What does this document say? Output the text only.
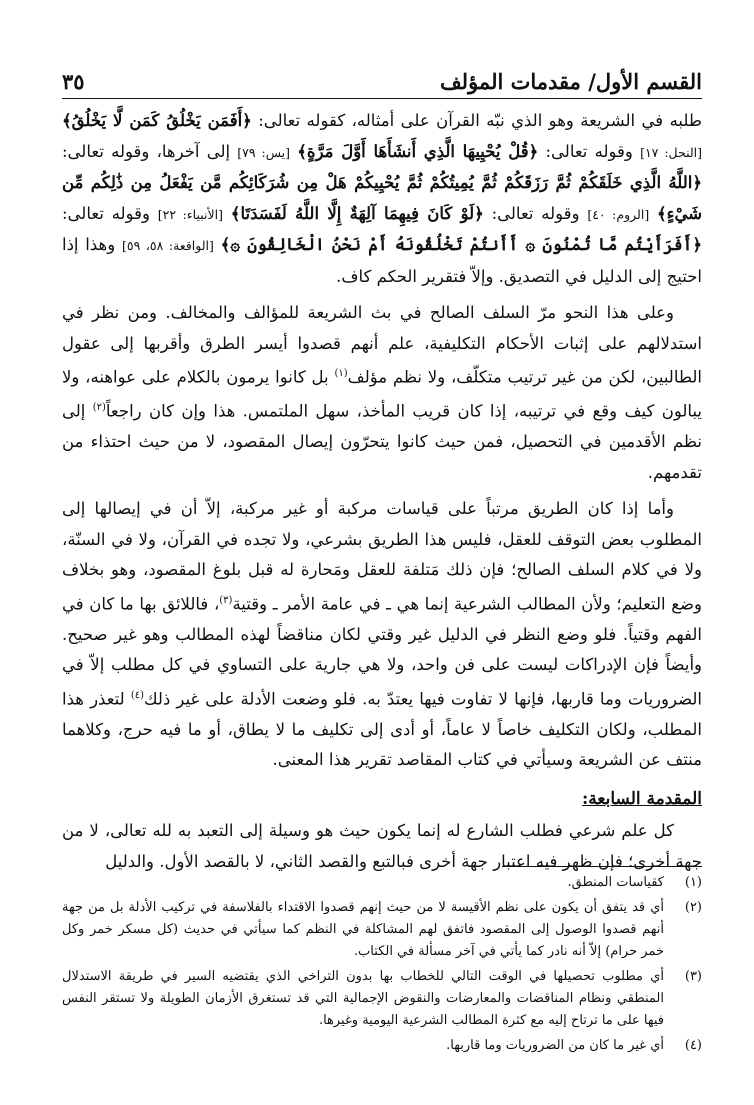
القسم الأول/ مقدمات المؤلف
٣٥

طلبه في الشريعة وهو الذي نبّه القرآن على أمثاله، كقوله تعالى: ﴿أَفَمَن يَخْلُقُ كَمَن لَّا يَخْلُقُ﴾ [النحل: ١٧] وقوله تعالى: ﴿قُلْ يُحْيِيهَا الَّذِي أَنشَأَهَا أَوَّلَ مَرَّةٍ﴾ [يس: ٧٩] إلى آخرها، وقوله تعالى: ﴿اللَّهُ الَّذِي خَلَقَكُمْ ثُمَّ رَزَقَكُمْ ثُمَّ يُمِيتُكُمْ ثُمَّ يُحْيِيكُمْ هَلْ مِن شُرَكَائِكُم مَّن يَفْعَلُ مِن ذَٰلِكُم مِّن شَيْءٍ﴾ [الروم: ٤٠] وقوله تعالى: ﴿لَوْ كَانَ فِيهِمَا آلِهَةٌ إِلَّا اللَّهُ لَفَسَدَتَا﴾ [الأنبياء: ٢٢] وقوله تعالى: ﴿أَفَرَأَيْتُم مَّا تُمْنُونَ ۞ أَأَنتُمْ تَخْلُقُونَهُ أَمْ نَحْنُ الْخَالِقُونَ ۞﴾ [الواقعة: ٥٨، ٥٩] وهذا إذا احتيج إلى الدليل في التصديق. وإلاّ فتقرير الحكم كاف.

وعلى هذا النحو مرّ السلف الصالح في بث الشريعة للمؤالف والمخالف. ومن نظر في استدلالهم على إثبات الأحكام التكليفية، علم أنهم قصدوا أيسر الطرق وأقربها إلى عقول الطالبين، لكن من غير ترتيب متكلّف، ولا نظم مؤلف$^{(١)}$ بل كانوا يرمون بالكلام على عواهنه، ولا يبالون كيف وقع في ترتيبه، إذا كان قريب المأخذ، سهل الملتمس. هذا وإن كان راجعاً$^{(٢)}$ إلى نظم الأقدمين في التحصيل، فمن حيث كانوا يتحرّون إيصال المقصود، لا من حيث احتذاء من تقدمهم.

وأما إذا كان الطريق مرتباً على قياسات مركبة أو غير مركبة، إلاّ أن في إيصالها إلى المطلوب بعض التوقف للعقل، فليس هذا الطريق بشرعي، ولا تجده في القرآن، ولا في السنّة، ولا في كلام السلف الصالح؛ فإن ذلك مَتلفة للعقل ومَحارة له قبل بلوغ المقصود، وهو بخلاف وضع التعليم؛ ولأن المطالب الشرعية إنما هي ـ في عامة الأمر ـ وقتية$^{(٣)}$، فاللائق بها ما كان في الفهم وقتياً. فلو وضع النظر في الدليل غير وقتي لكان مناقضاً لهذه المطالب وهو غير صحيح. وأيضاً فإن الإدراكات ليست على فن واحد، ولا هي جارية على التساوي في كل مطلب إلاّ في الضروريات وما قاربها، فإنها لا تفاوت فيها يعتدّ به. فلو وضعت الأدلة على غير ذلك$^{(٤)}$ لتعذر هذا المطلب، ولكان التكليف خاصاً لا عاماً، أو أدى إلى تكليف ما لا يطاق، أو ما فيه حرج، وكلاهما منتف عن الشريعة وسيأتي في كتاب المقاصد تقرير هذا المعنى.

المقدمة السابعة:

كل علم شرعي فطلب الشارع له إنما يكون حيث هو وسيلة إلى التعبد به لله تعالى، لا من جهة أخرى؛ فإن ظهر فيه اعتبار جهة أخرى فبالتبع والقصد الثاني، لا بالقصد الأول. والدليل

(١)
كقياسات المنطق.
(٢)
أي قد يتفق أن يكون على نظم الأقيسة لا من حيث إنهم قصدوا الاقتداء بالفلاسفة في تركيب الأدلة بل من جهة أنهم قصدوا الوصول إلى المقصود فاتفق لهم المشاكلة في النظم كما سيأتي في حديث (كل مسكر خمر وكل خمر حرام) إلاّ أنه نادر كما يأتي في آخر مسألة في الكتاب.
(٣)
أي مطلوب تحصيلها في الوقت التالي للخطاب بها بدون التراخي الذي يقتضيه السير في طريقة الاستدلال المنطقي ونظام المناقضات والمعارضات والنقوض الإجمالية التي قد تستغرق الأزمان الطويلة ولا تستقر النفس فيها على ما ترتاح إليه مع كثرة المطالب الشرعية اليومية وغيرها.
(٤)
أي غير ما كان من الضروريات وما قاربها.
